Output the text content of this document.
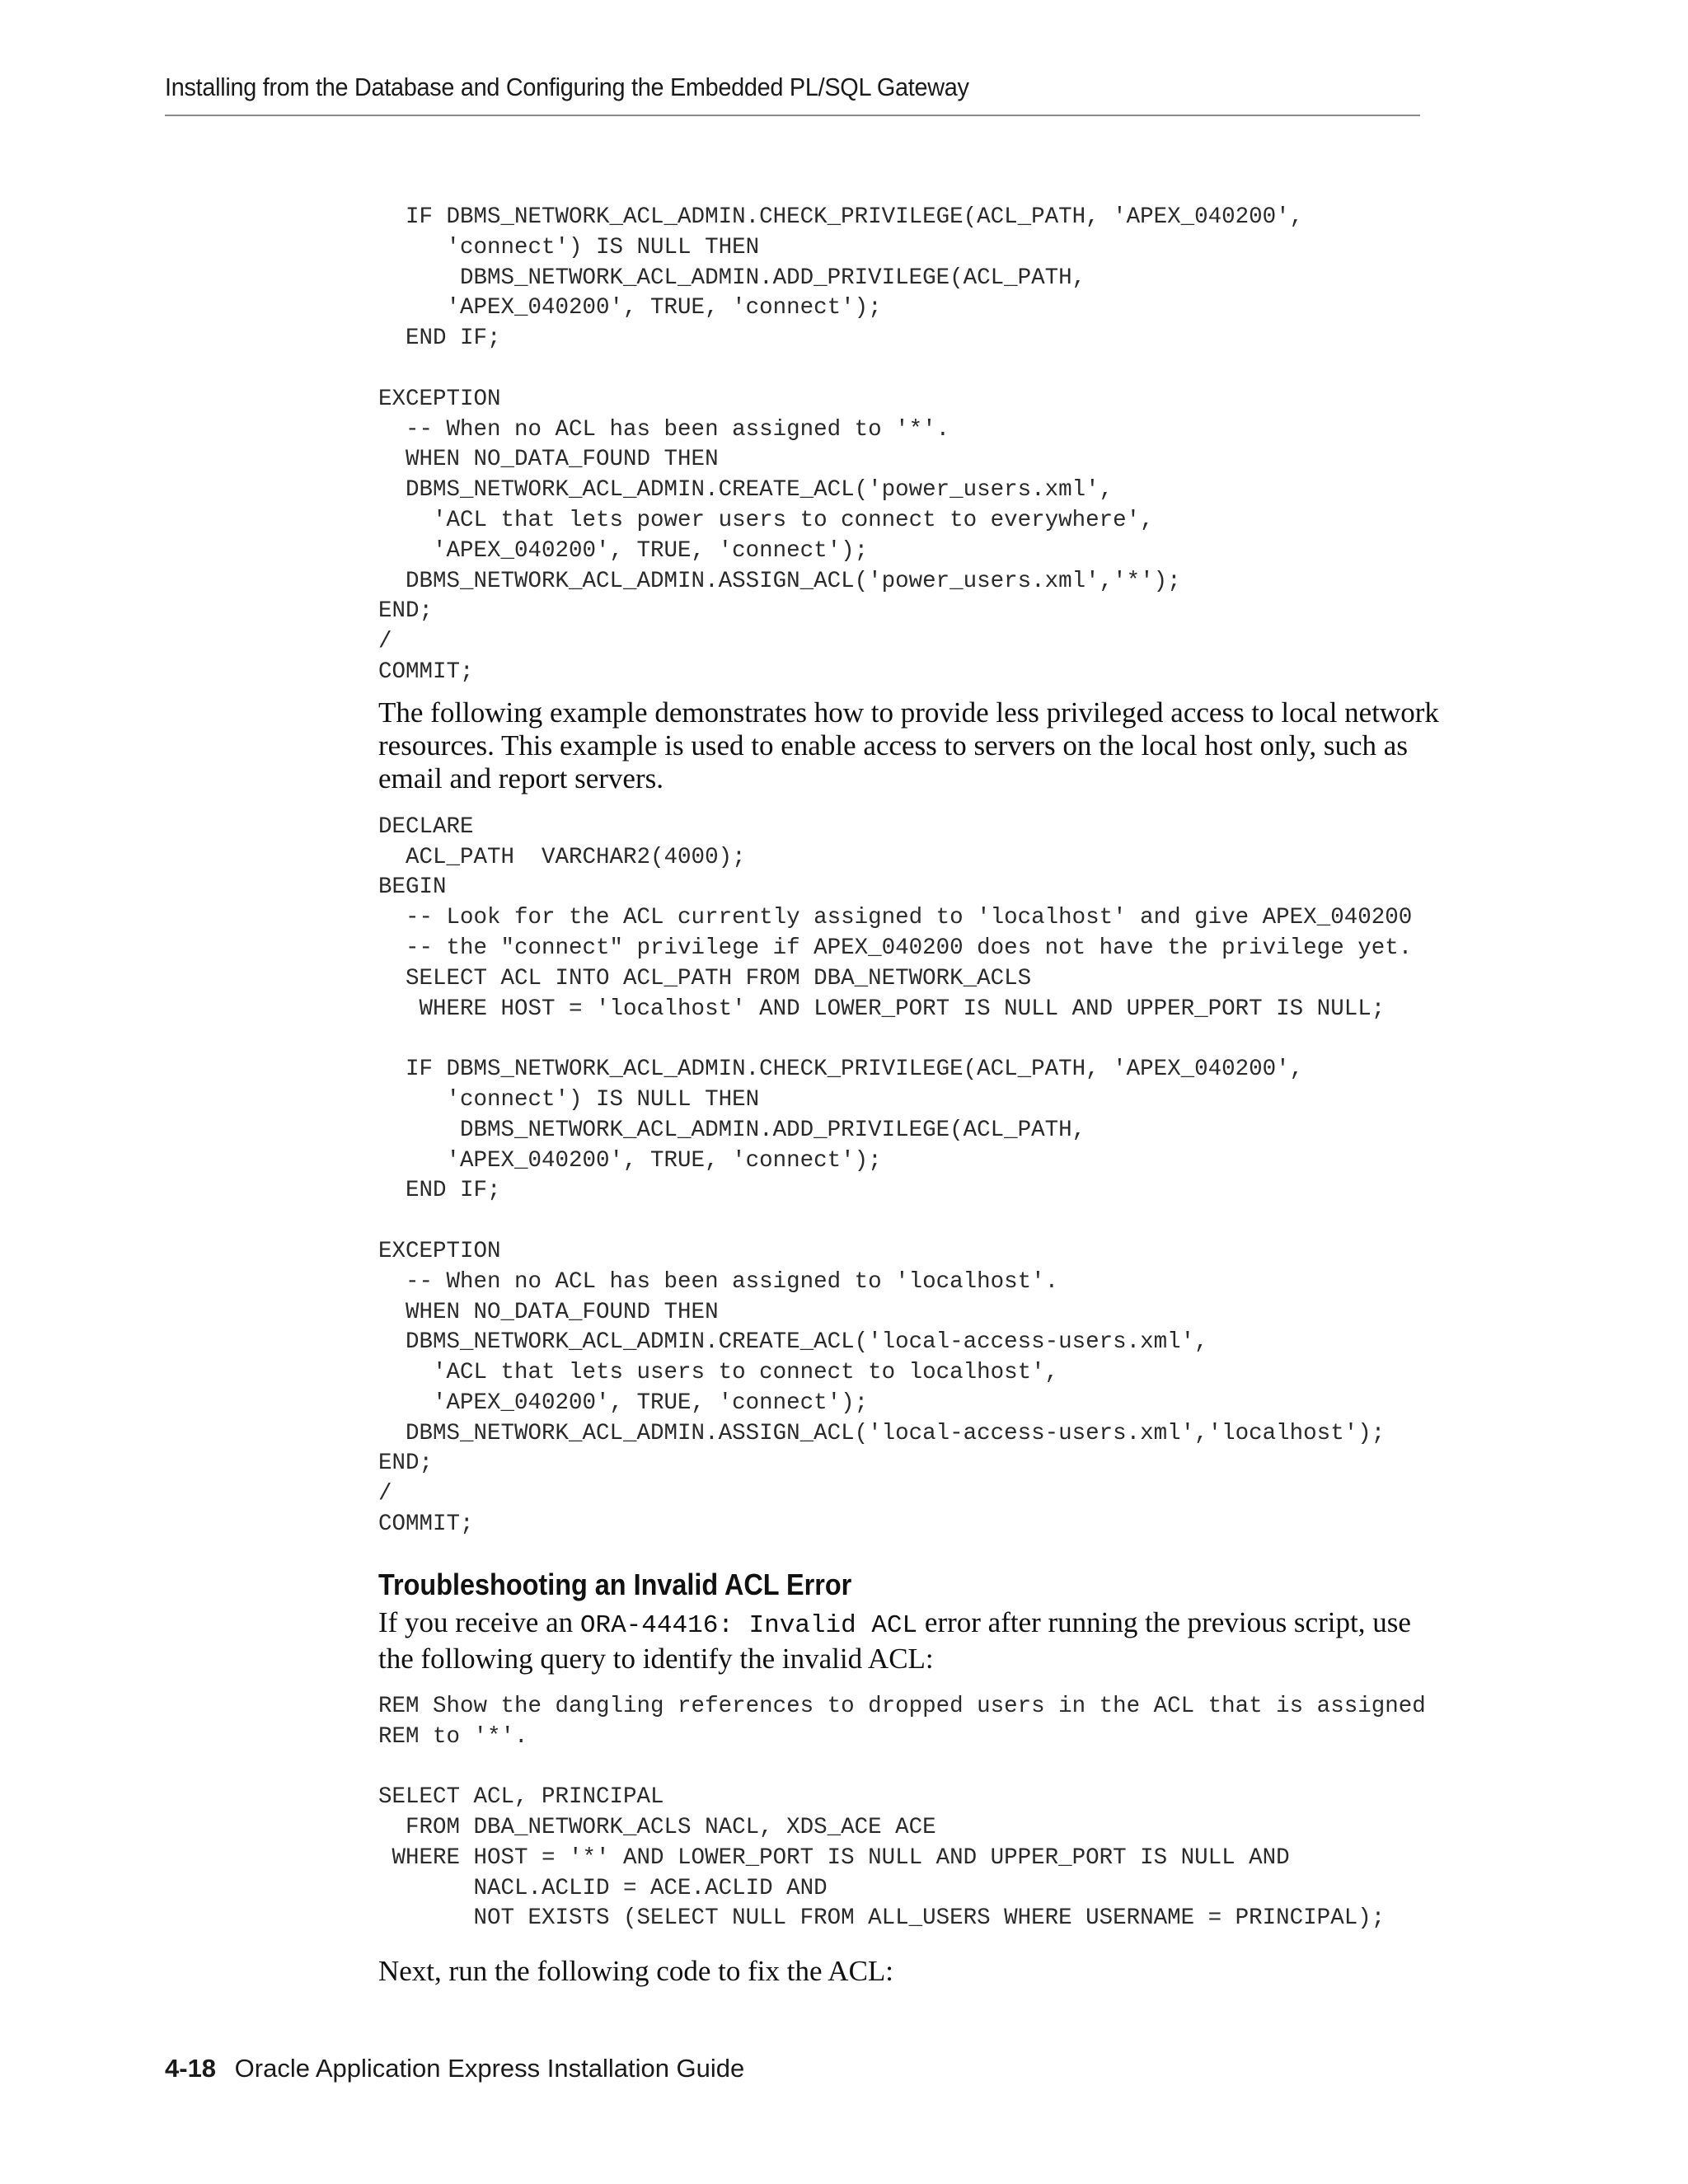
Installing from the Database and Configuring the Embedded PL/SQL Gateway
IF DBMS_NETWORK_ACL_ADMIN.CHECK_PRIVILEGE(ACL_PATH, 'APEX_040200',
'connect') IS NULL THEN
DBMS_NETWORK_ACL_ADMIN.ADD_PRIVILEGE(ACL_PATH,
'APEX_040200', TRUE, 'connect');
END IF;

EXCEPTION
-- When no ACL has been assigned to '*'.
WHEN NO_DATA_FOUND THEN
DBMS_NETWORK_ACL_ADMIN.CREATE_ACL('power_users.xml',
'ACL that lets power users to connect to everywhere',
'APEX_040200', TRUE, 'connect');
DBMS_NETWORK_ACL_ADMIN.ASSIGN_ACL('power_users.xml','*');
END;
/
COMMIT;

The following example demonstrates how to provide less privileged access to local network resources. This example is used to enable access to servers on the local host only, such as email and report servers.

DECLARE
ACL_PATH  VARCHAR2(4000);
BEGIN
-- Look for the ACL currently assigned to 'localhost' and give APEX_040200
-- the "connect" privilege if APEX_040200 does not have the privilege yet.
SELECT ACL INTO ACL_PATH FROM DBA_NETWORK_ACLS
WHERE HOST = 'localhost' AND LOWER_PORT IS NULL AND UPPER_PORT IS NULL;

IF DBMS_NETWORK_ACL_ADMIN.CHECK_PRIVILEGE(ACL_PATH, 'APEX_040200',
'connect') IS NULL THEN
DBMS_NETWORK_ACL_ADMIN.ADD_PRIVILEGE(ACL_PATH,
'APEX_040200', TRUE, 'connect');
END IF;

EXCEPTION
-- When no ACL has been assigned to 'localhost'.
WHEN NO_DATA_FOUND THEN
DBMS_NETWORK_ACL_ADMIN.CREATE_ACL('local-access-users.xml',
'ACL that lets users to connect to localhost',
'APEX_040200', TRUE, 'connect');
DBMS_NETWORK_ACL_ADMIN.ASSIGN_ACL('local-access-users.xml','localhost');
END;
/
COMMIT;
Troubleshooting an Invalid ACL Error

If you receive an ORA-44416: Invalid ACL error after running the previous script, use the following query to identify the invalid ACL:

REM Show the dangling references to dropped users in the ACL that is assigned
REM to '*'.

SELECT ACL, PRINCIPAL
FROM DBA_NETWORK_ACLS NACL, XDS_ACE ACE
WHERE HOST = '*' AND LOWER_PORT IS NULL AND UPPER_PORT IS NULL AND
NACL.ACLID = ACE.ACLID AND
NOT EXISTS (SELECT NULL FROM ALL_USERS WHERE USERNAME = PRINCIPAL);

Next, run the following code to fix the ACL:

4-18 Oracle Application Express Installation Guide
